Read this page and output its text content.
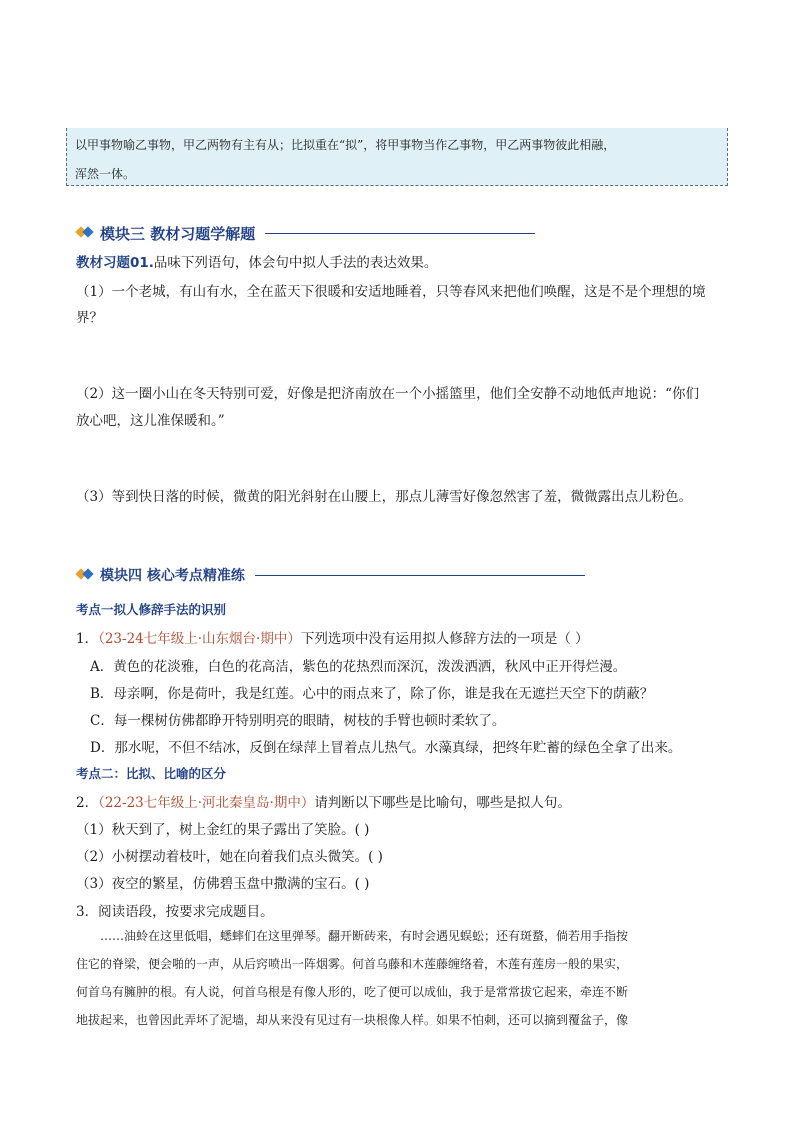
以甲事物喻乙事物，甲乙两物有主有从；比拟重在“拟”，将甲事物当作乙事物，甲乙两事物彼此相融，
浑然一体。
模块三 教材习题学解题
教材习题01.品味下列语句，体会句中拟人手法的表达效果。
（1）一个老城，有山有水，全在蓝天下很暖和安适地睡着，只等春风来把他们唤醒，这是不是个理想的境
界？
（2）这一圈小山在冬天特别可爱，好像是把济南放在一个小摇篮里，他们全安静不动地低声地说：“你们
放心吧，这儿准保暖和。”
（3）等到快日落的时候，微黄的阳光斜射在山腰上，那点儿薄雪好像忽然害了羞，微微露出点儿粉色。
模块四 核心考点精准练
考点一拟人修辞手法的识别
1．（23-24七年级上·山东烟台·期中）下列选项中没有运用拟人修辞方法的一项是（ ）
A．黄色的花淡雅，白色的花高洁，紫色的花热烈而深沉，泼泼洒洒，秋风中正开得烂漫。
B．母亲啊，你是荷叶，我是红莲。心中的雨点来了，除了你，谁是我在无遮拦天空下的荫蔽？
C．每一棵树仿佛都睁开特别明亮的眼睛，树枝的手臂也顿时柔软了。
D．那水呢，不但不结冰，反倒在绿萍上冒着点儿热气。水藻真绿，把终年贮蓄的绿色全拿了出来。
考点二：比拟、比喻的区分
2．（22-23七年级上·河北秦皇岛·期中）请判断以下哪些是比喻句，哪些是拟人句。
（1）秋天到了，树上金红的果子露出了笑脸。( )
（2）小树摆动着枝叶，她在向着我们点头微笑。( )
（3）夜空的繁星，仿佛碧玉盘中撒满的宝石。( )
3．阅读语段，按要求完成题目。
……油蛉在这里低唱，蟋蟀们在这里弹琴。翻开断砖来，有时会遇见蜈蚣；还有斑蝥，倘若用手指按
住它的脊梁，便会啪的一声，从后窍喷出一阵烟雾。何首乌藤和木莲藤缠络着，木莲有莲房一般的果实，
何首乌有臃肿的根。有人说，何首乌根是有像人形的，吃了便可以成仙，我于是常常拔它起来，牵连不断
地拔起来，也曾因此弄坏了泥墙，却从来没有见过有一块根像人样。如果不怕刺，还可以摘到覆盆子，像
